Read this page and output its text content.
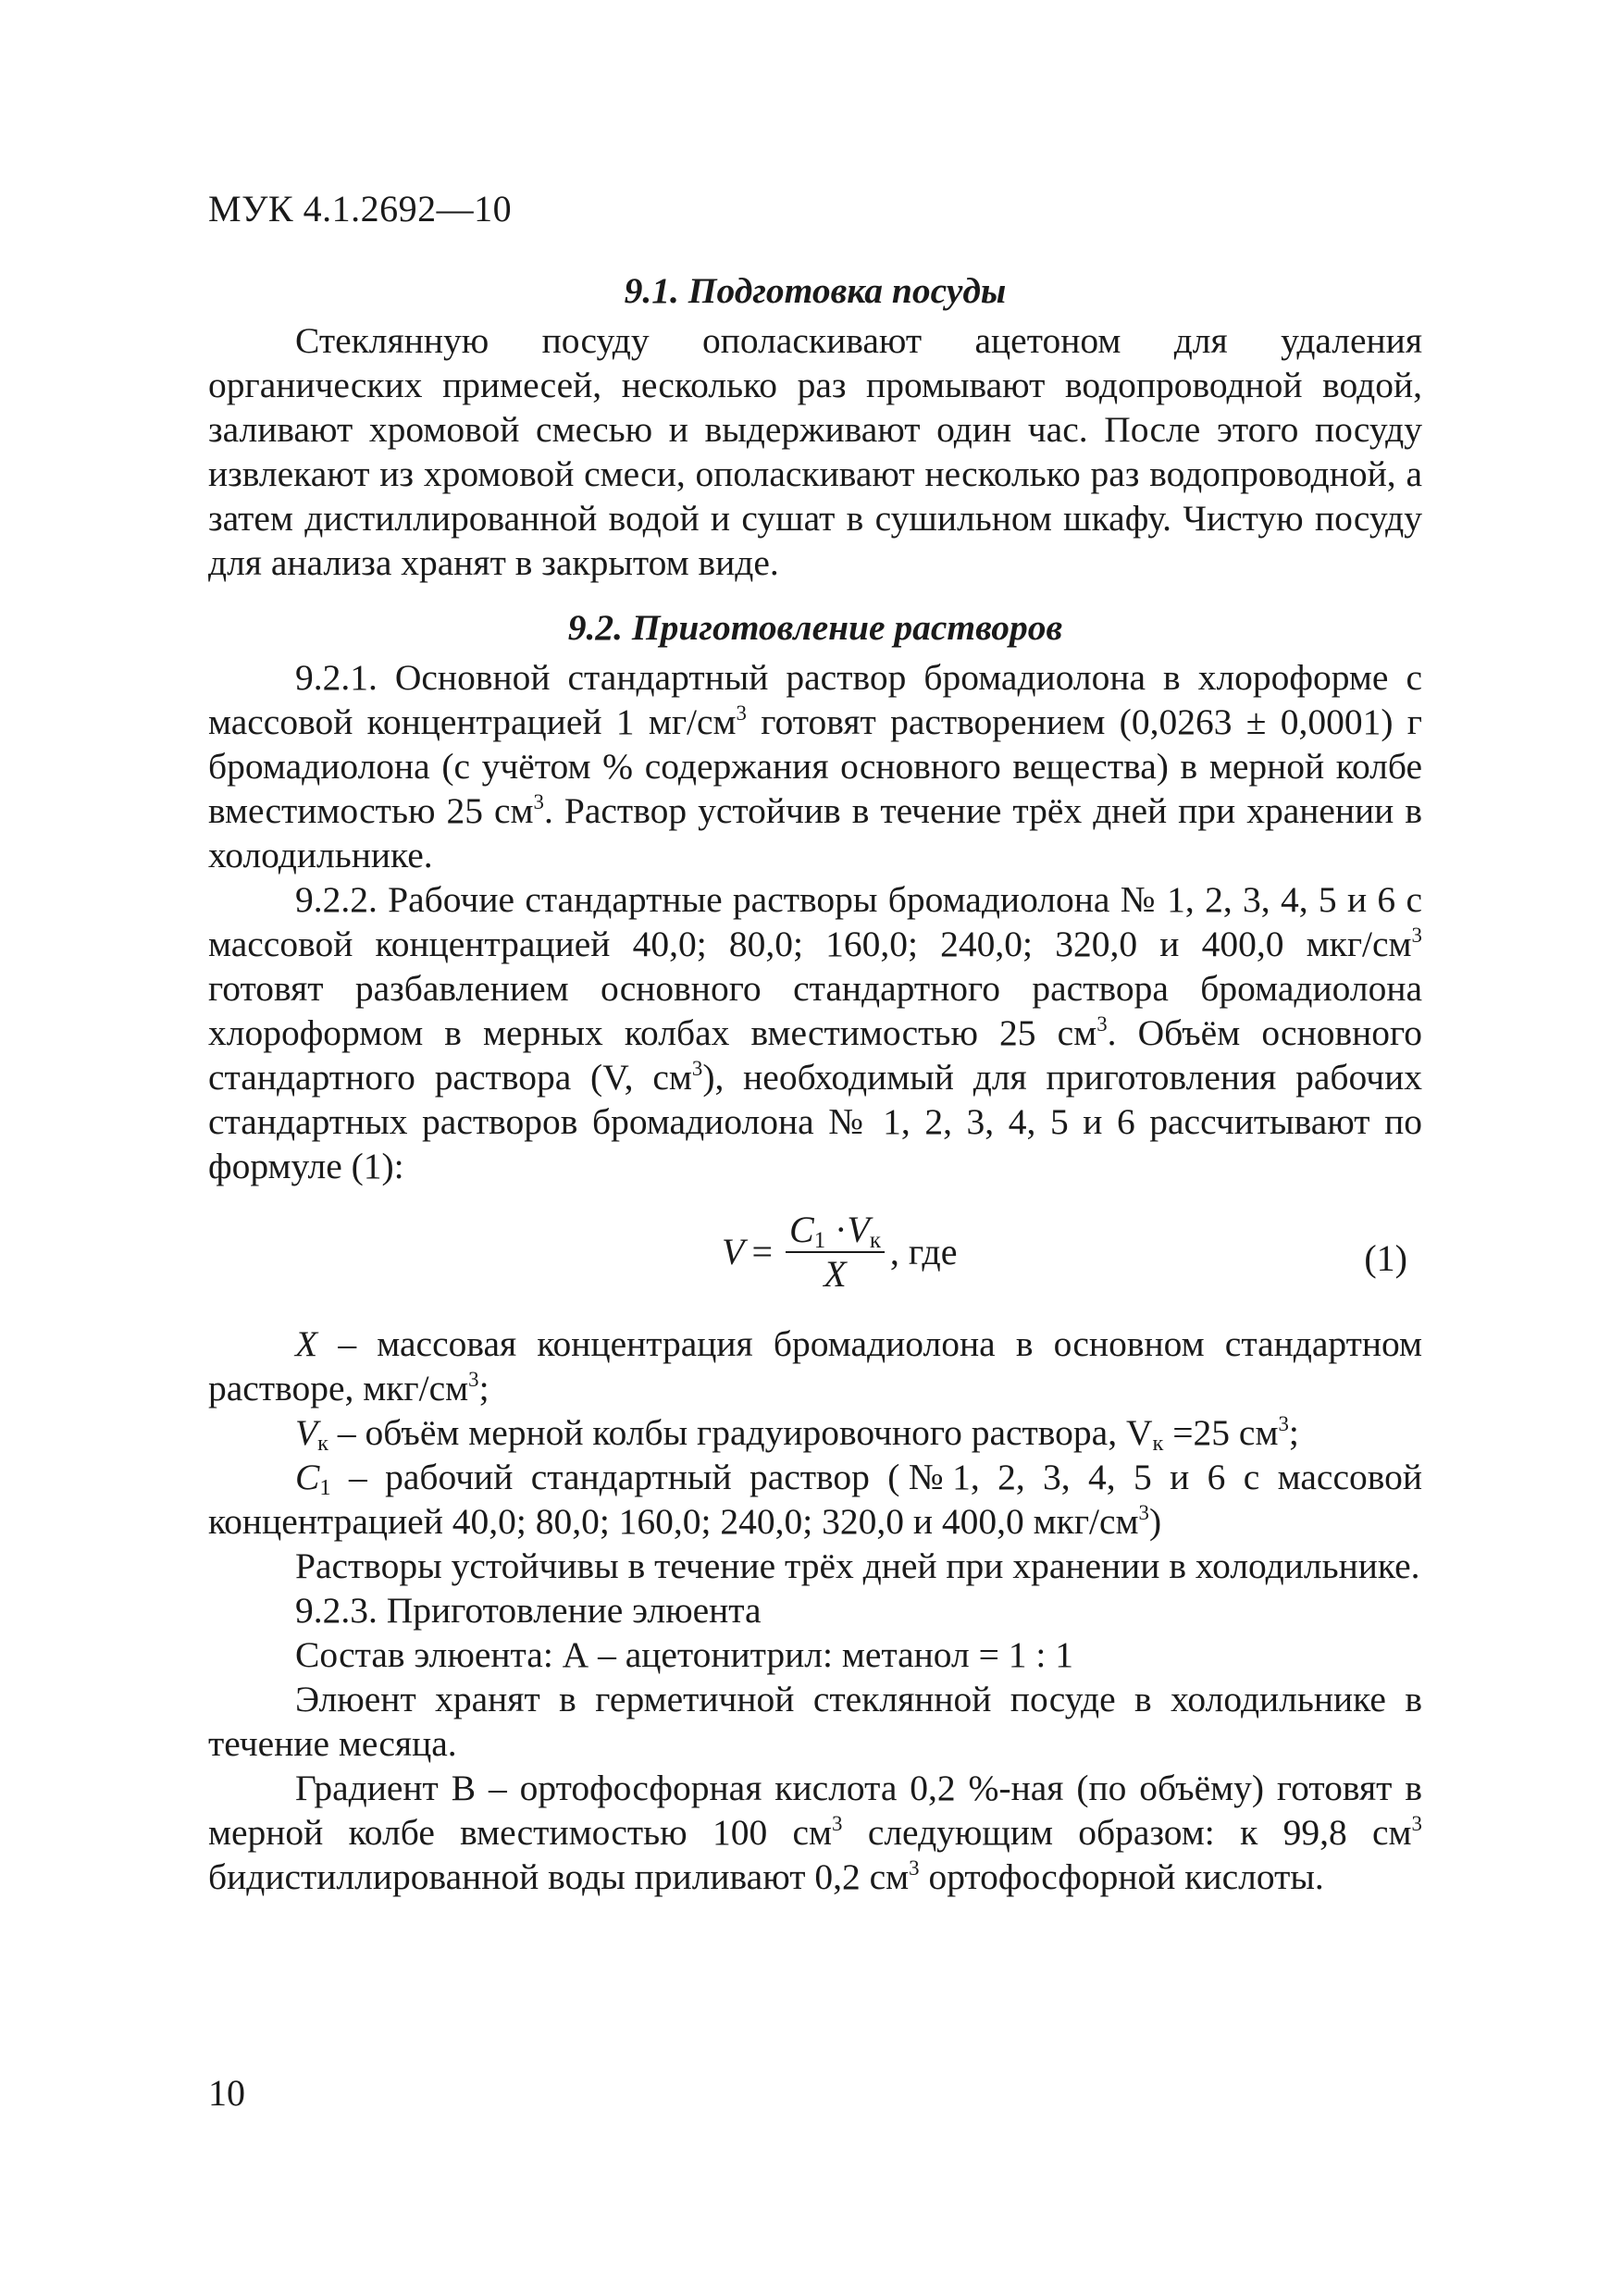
МУК 4.1.2692—10
9.1. Подготовка посуды

Стеклянную посуду ополаскивают ацетоном для удаления органических примесей, несколько раз промывают водопроводной водой, заливают хромовой смесью и выдерживают один час. После этого посуду извлекают из хромовой смеси, ополаскивают несколько раз водопроводной, а затем дистиллированной водой и сушат в сушильном шкафу. Чистую посуду для анализа хранят в закрытом виде.

9.2. Приготовление растворов

9.2.1. Основной стандартный раствор бромадиолона в хлороформе с массовой концентрацией 1 $мг/см^3$ готовят растворением (0,0263 ± 0,0001) г бромадиолона (с учётом % содержания основного вещества) в мерной колбе вместимостью 25 $см^3$. Раствор устойчив в течение трёх дней при хранении в холодильнике.

9.2.2. Рабочие стандартные растворы бромадиолона № 1, 2, 3, 4, 5 и 6 с массовой концентрацией 40,0; 80,0; 160,0; 240,0; 320,0 и 400,0 мкг/$см^3$ готовят разбавлением основного стандартного раствора бромадиолона хлороформом в мерных колбах вместимостью 25 $см^3$. Объём основного стандартного раствора (V, $см^3$), необходимый для приготовления рабочих стандартных растворов бромадиолона № 1, 2, 3, 4, 5 и 6 рассчитывают по формуле (1):

$V = \frac{C_1 \cdot V_к}{X}$ , где	(1)

X – массовая концентрация бромадиолона в основном стандартном растворе, мкг/$см^3$;

$V_к$ – объём мерной колбы градуировочного раствора, $V_к =25$ $см^3$;

$C_1$ – рабочий стандартный раствор (№1, 2, 3, 4, 5 и 6 с массовой концентрацией 40,0; 80,0; 160,0; 240,0; 320,0 и 400,0 мкг/$см^3$)

Растворы устойчивы в течение трёх дней при хранении в холодильнике.

9.2.3. Приготовление элюента

Состав элюента: А – ацетонитрил: метанол = 1 : 1

Элюент хранят в герметичной стеклянной посуде в холодильнике в течение месяца.

Градиент В – ортофосфорная кислота 0,2 %-ная (по объёму) готовят в мерной колбе вместимостью 100 $см^3$ следующим образом: к 99,8 $см^3$ бидистиллированной воды приливают 0,2 $см^3$ ортофосфорной кислоты.

10
